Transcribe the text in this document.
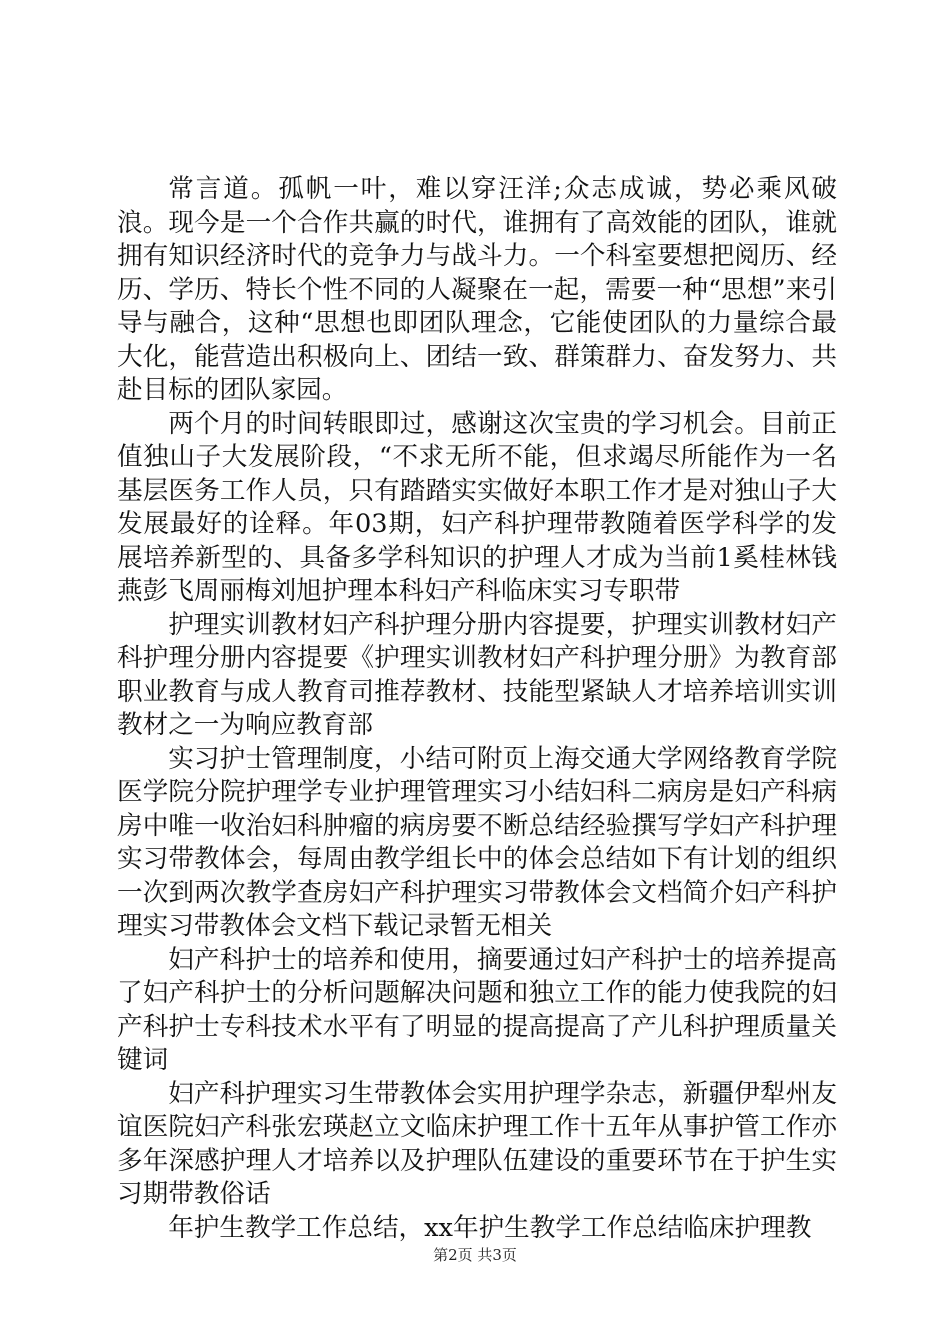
常言道。孤帆一叶，难以穿汪洋;众志成诚，势必乘风破浪。现今是一个合作共赢的时代，谁拥有了高效能的团队，谁就拥有知识经济时代的竞争力与战斗力。一个科室要想把阅历、经历、学历、特长个性不同的人凝聚在一起，需要一种“思想”来引导与融合，这种“思想也即团队理念，它能使团队的力量综合最大化，能营造出积极向上、团结一致、群策群力、奋发努力、共赴目标的团队家园。

两个月的时间转眼即过，感谢这次宝贵的学习机会。目前正值独山子大发展阶段，“不求无所不能，但求竭尽所能作为一名基层医务工作人员，只有踏踏实实做好本职工作才是对独山子大发展最好的诠释。年03期，妇产科护理带教随着医学科学的发展培养新型的、具备多学科知识的护理人才成为当前1奚桂林钱燕彭飞周丽梅刘旭护理本科妇产科临床实习专职带

护理实训教材妇产科护理分册内容提要，护理实训教材妇产科护理分册内容提要《护理实训教材妇产科护理分册》为教育部职业教育与成人教育司推荐教材、技能型紧缺人才培养培训实训教材之一为响应教育部

实习护士管理制度，小结可附页上海交通大学网络教育学院医学院分院护理学专业护理管理实习小结妇科二病房是妇产科病房中唯一收治妇科肿瘤的病房要不断总结经验撰写学妇产科护理实习带教体会，每周由教学组长中的体会总结如下有计划的组织一次到两次教学查房妇产科护理实习带教体会文档简介妇产科护理实习带教体会文档下载记录暂无相关

妇产科护士的培养和使用，摘要通过妇产科护士的培养提高了妇产科护士的分析问题解决问题和独立工作的能力使我院的妇产科护士专科技术水平有了明显的提高提高了产儿科护理质量关键词

妇产科护理实习生带教体会实用护理学杂志，新疆伊犁州友谊医院妇产科张宏瑛赵立文临床护理工作十五年从事护管工作亦多年深感护理人才培养以及护理队伍建设的重要环节在于护生实习期带教俗话

年护生教学工作总结，xx年护生教学工作总结临床护理教

第2页 共3页
